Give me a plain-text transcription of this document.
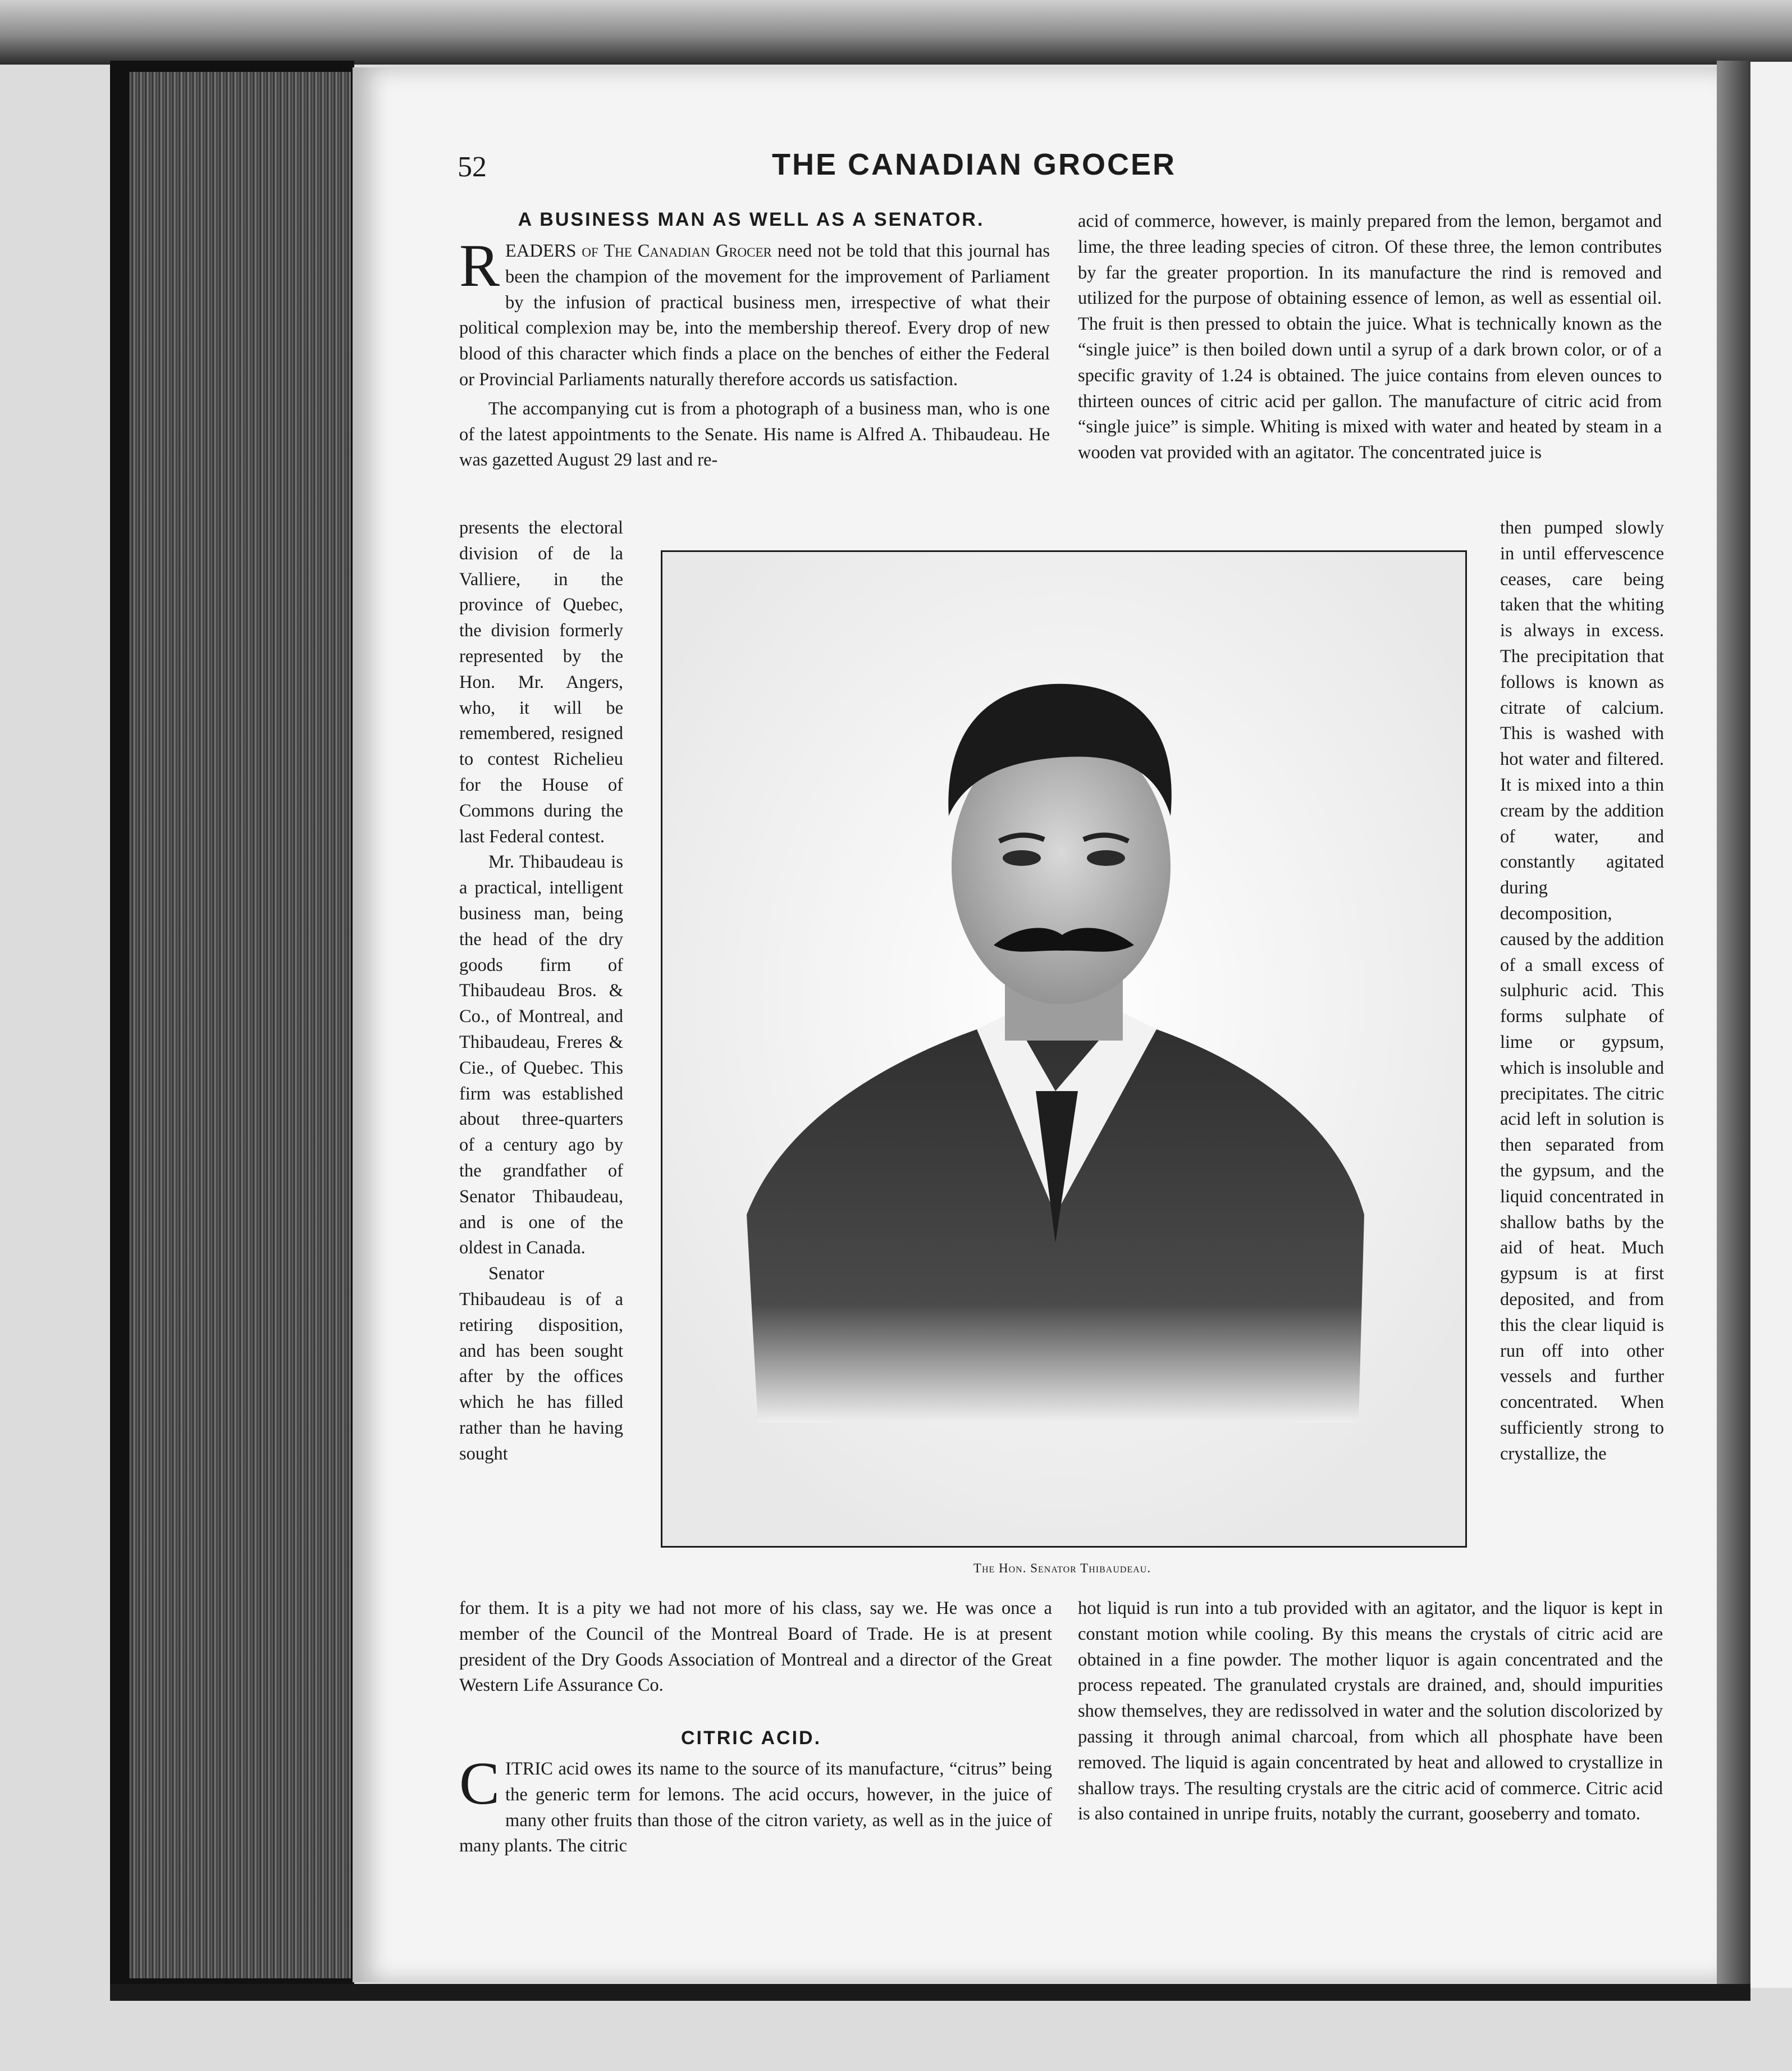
52	THE CANADIAN GROCER
A BUSINESS MAN AS WELL AS A SENATOR.

READERS of The Canadian Grocer need not be told that this journal has been the champion of the movement for the improvement of Parliament by the infusion of practical business men, irrespective of what their political complexion may be, into the membership thereof. Every drop of new blood of this character which finds a place on the benches of either the Federal or Provincial Parliaments naturally therefore accords us satisfaction.

The accompanying cut is from a photograph of a business man, who is one of the latest appointments to the Senate. His name is Alfred A. Thibaudeau. He was gazetted August 29 last and re-

presents the electoral division of de la Valliere, in the province of Quebec, the division formerly represented by the Hon. Mr. Angers, who, it will be remembered, resigned to contest Richelieu for the House of Commons during the last Federal contest.

Mr. Thibaudeau is a practical, intelligent business man, being the head of the dry goods firm of Thibaudeau Bros. & Co., of Montreal, and Thibaudeau, Freres & Cie., of Quebec. This firm was established about three-quarters of a century ago by the grandfather of Senator Thibaudeau, and is one of the oldest in Canada.

Senator Thibaudeau is of a retiring disposition, and has been sought after by the offices which he has filled rather than he having sought

for them. It is a pity we had not more of his class, say we. He was once a member of the Council of the Montreal Board of Trade. He is at present president of the Dry Goods Association of Montreal and a director of the Great Western Life Assurance Co.
The Hon. Senator Thibaudeau.
CITRIC ACID.

CITRIC acid owes its name to the source of its manufacture, “citrus” being the generic term for lemons. The acid occurs, however, in the juice of many other fruits than those of the citron variety, as well as in the juice of many plants. The citric

acid of commerce, however, is mainly prepared from the lemon, bergamot and lime, the three leading species of citron. Of these three, the lemon contributes by far the greater proportion. In its manufacture the rind is removed and utilized for the purpose of obtaining essence of lemon, as well as essential oil. The fruit is then pressed to obtain the juice. What is technically known as the “single juice” is then boiled down until a syrup of a dark brown color, or of a specific gravity of 1.24 is obtained. The juice contains from eleven ounces to thirteen ounces of citric acid per gallon. The manufacture of citric acid from “single juice” is simple. Whiting is mixed with water and heated by steam in a wooden vat provided with an agitator. The concentrated juice is
then pumped slowly in until effervescence ceases, care being taken that the whiting is always in excess. The precipitation that follows is known as citrate of calcium. This is washed with hot water and filtered. It is mixed into a thin cream by the addition of water, and constantly agitated during decomposition, caused by the addition of a small excess of sulphuric acid. This forms sulphate of lime or gypsum, which is insoluble and precipitates. The citric acid left in solution is then separated from the gypsum, and the liquid concentrated in shallow baths by the aid of heat. Much gypsum is at first deposited, and from this the clear liquid is run off into other vessels and further concentrated. When sufficiently strong to crystallize, the
hot liquid is run into a tub provided with an agitator, and the liquor is kept in constant motion while cooling. By this means the crystals of citric acid are obtained in a fine powder. The mother liquor is again concentrated and the process repeated. The granulated crystals are drained, and, should impurities show themselves, they are redissolved in water and the solution discolorized by passing it through animal charcoal, from which all phosphate have been removed. The liquid is again concentrated by heat and allowed to crystallize in shallow trays. The resulting crystals are the citric acid of commerce. Citric acid is also contained in unripe fruits, notably the currant, gooseberry and tomato.
